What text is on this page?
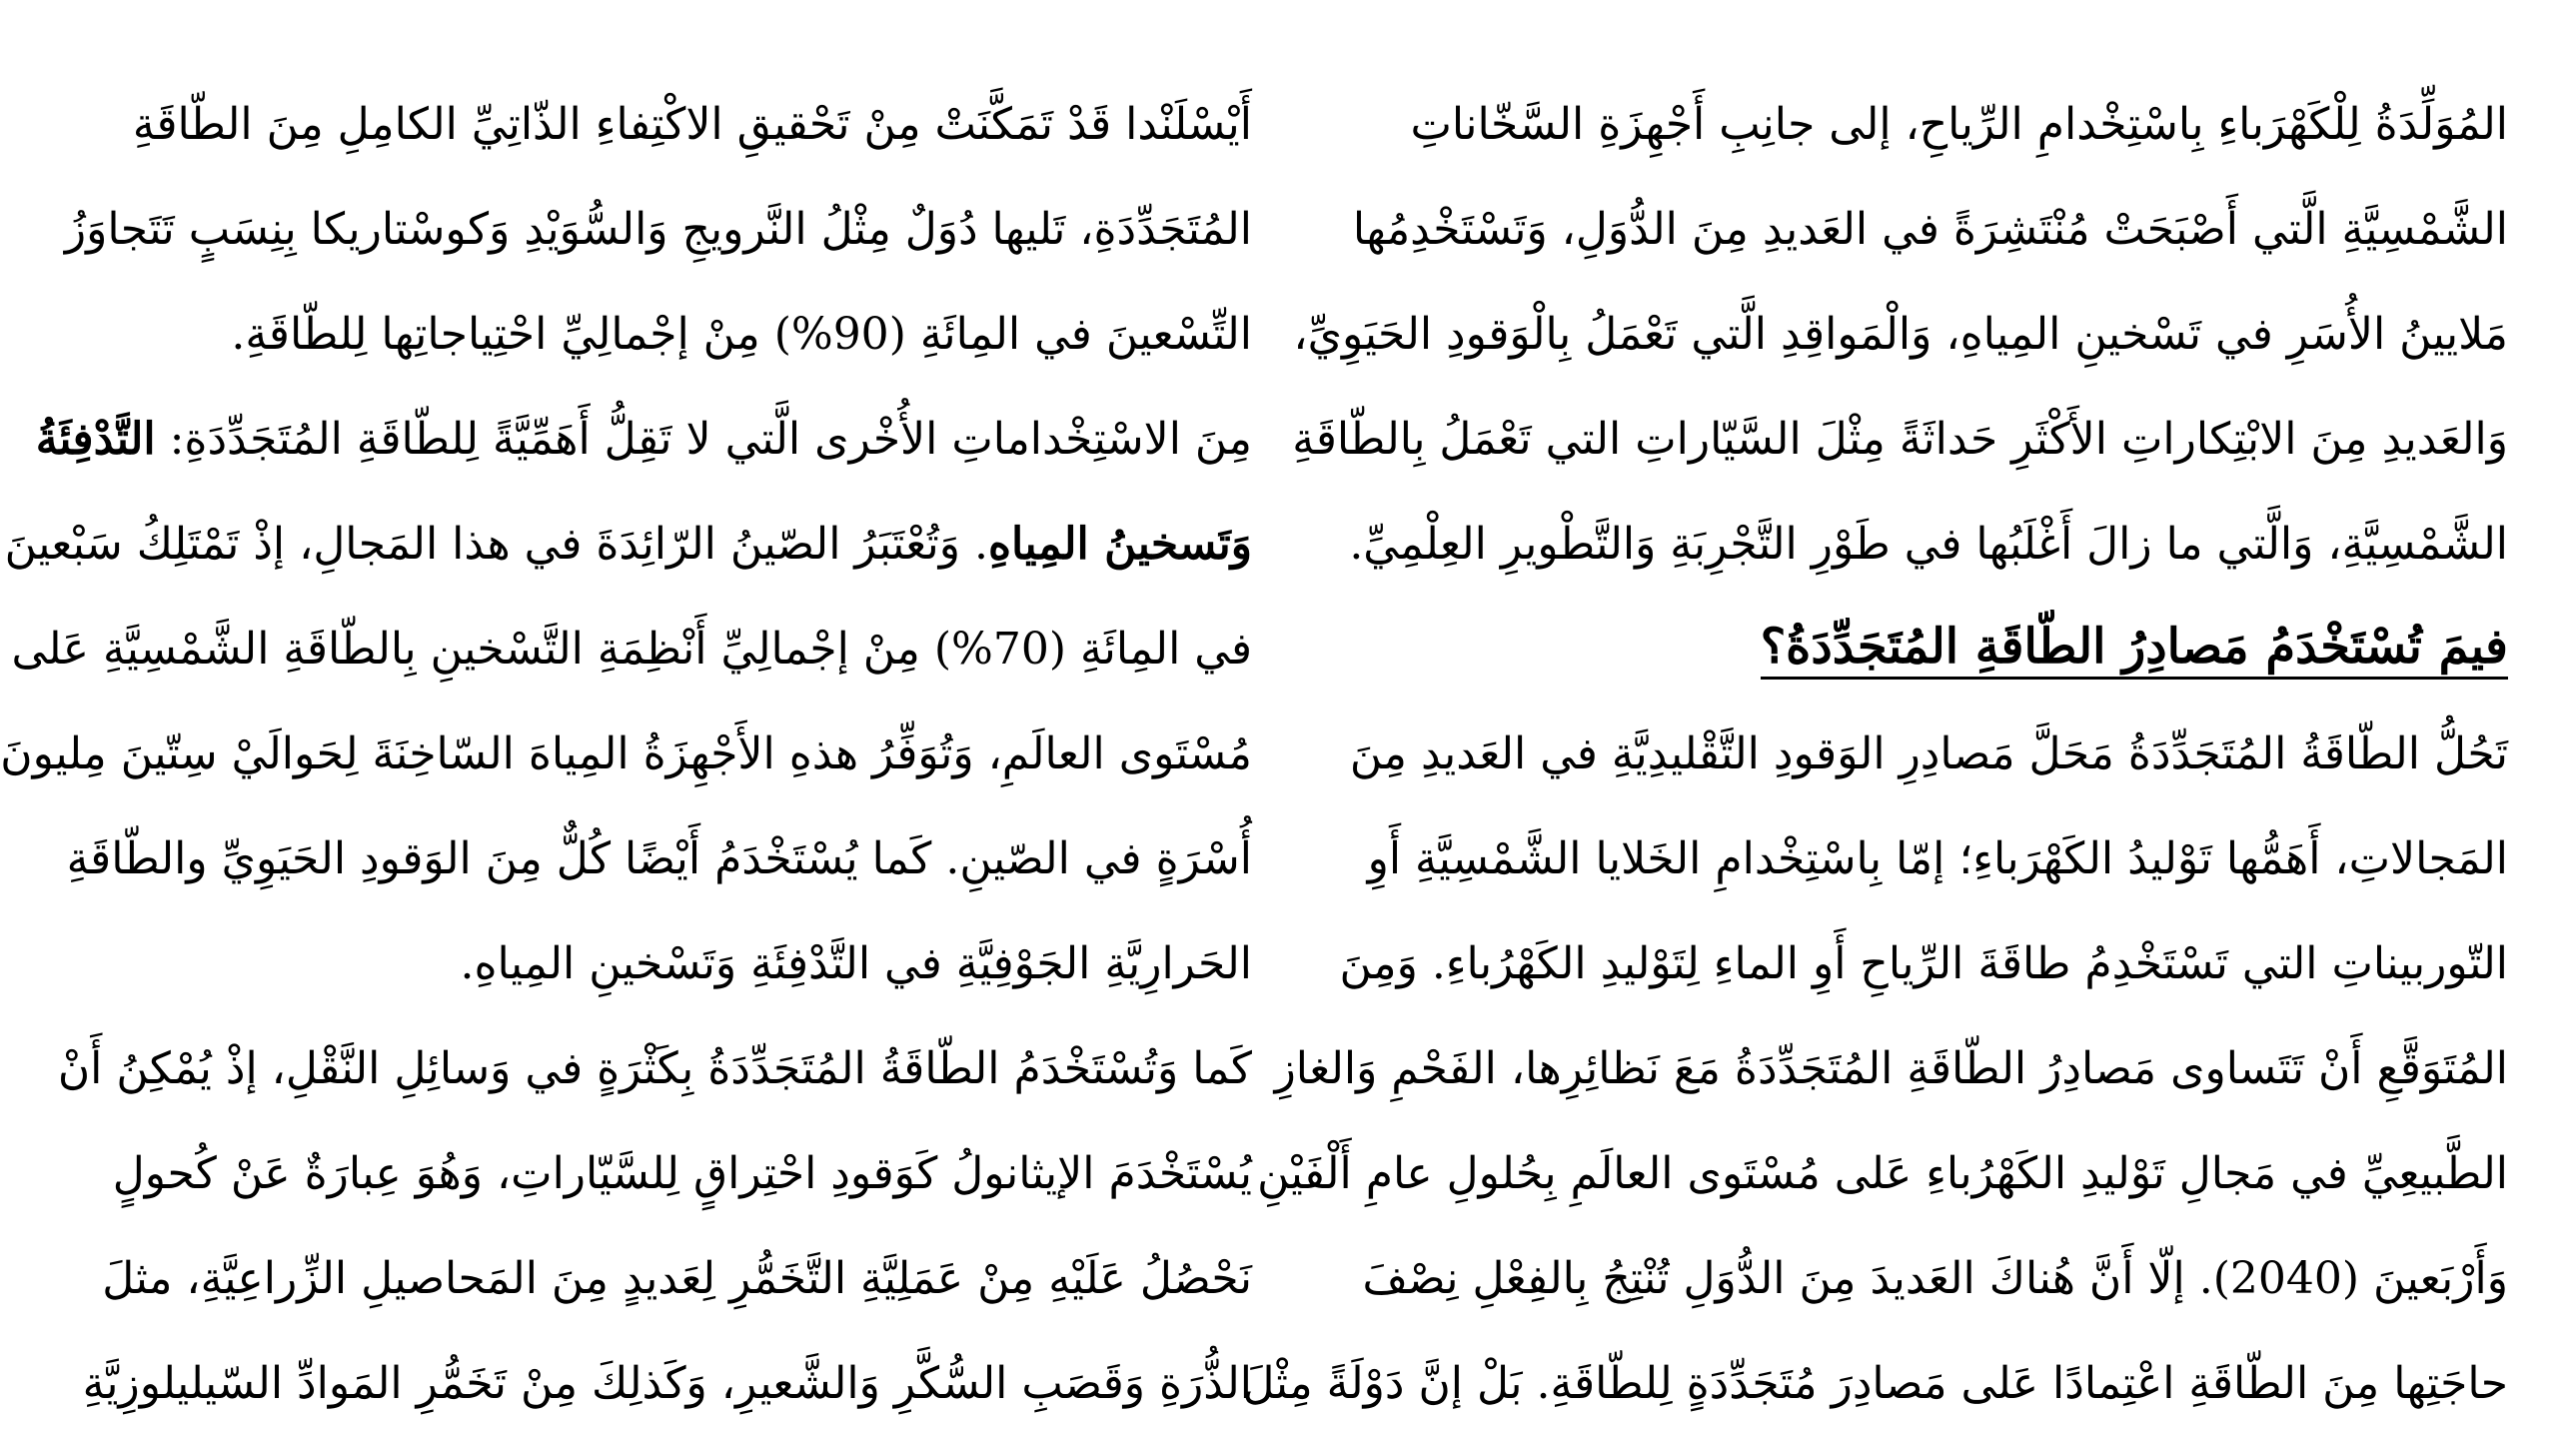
المُوَلِّدَةُ لِلْكَهْرَباءِ بِاسْتِخْدامِ الرِّياحِ، إلى جانِبِ أَجْهِزَةِ السَّخّاناتِ
الشَّمْسِيَّةِ الَّتي أَصْبَحَتْ مُنْتَشِرَةً في العَديدِ مِنَ الدُّوَلِ، وَتَسْتَخْدِمُها
مَلايينُ الأُسَرِ في تَسْخينِ المِياهِ، وَالْمَواقِدِ الَّتي تَعْمَلُ بِالْوَقودِ الحَيَوِيِّ،
وَالعَديدِ مِنَ الابْتِكاراتِ الأَكْثَرِ حَداثَةً مِثْلَ السَّيّاراتِ التي تَعْمَلُ بِالطّاقَةِ
الشَّمْسِيَّةِ، وَالَّتي ما زالَ أَغْلَبُها في طَوْرِ التَّجْرِبَةِ وَالتَّطْويرِ العِلْمِيِّ.
فيمَ تُسْتَخْدَمُ مَصادِرُ الطّاقَةِ المُتَجَدِّدَةُ؟
تَحُلُّ الطّاقَةُ المُتَجَدِّدَةُ مَحَلَّ مَصادِرِ الوَقودِ التَّقْليدِيَّةِ في العَديدِ مِنَ
المَجالاتِ، أَهَمُّها تَوْليدُ الكَهْرَباءِ؛ إمّا بِاسْتِخْدامِ الخَلايا الشَّمْسِيَّةِ أَوِ
التّوربيناتِ التي تَسْتَخْدِمُ طاقَةَ الرِّياحِ أَوِ الماءِ لِتَوْليدِ الكَهْرُباءِ. وَمِنَ
المُتَوَقَّعِ أَنْ تَتَساوى مَصادِرُ الطّاقَةِ المُتَجَدِّدَةُ مَعَ نَظائِرِها، الفَحْمِ وَالغازِ
الطَّبيعِيِّ في مَجالِ تَوْليدِ الكَهْرُباءِ عَلى مُسْتَوى العالَمِ بِحُلولِ عامِ أَلْفَيْنِ
وَأَرْبَعينَ (2040). إلّا أَنَّ هُناكَ العَديدَ مِنَ الدُّوَلِ تُنْتِجُ بِالفِعْلِ نِصْفَ
حاجَتِها مِنَ الطّاقَةِ اعْتِمادًا عَلى مَصادِرَ مُتَجَدِّدَةٍ لِلطّاقَةِ. بَلْ إنَّ دَوْلَةً مِثْلَ
أَيْسْلَنْدا قَدْ تَمَكَّنَتْ مِنْ تَحْقيقِ الاكْتِفاءِ الذّاتِيِّ الكامِلِ مِنَ الطّاقَةِ
المُتَجَدِّدَةِ، تَليها دُوَلٌ مِثْلُ النَّرويجِ وَالسُّوَيْدِ وَكوسْتاريكا بِنِسَبٍ تَتَجاوَزُ
التِّسْعينَ في المِائَةِ (90%) مِنْ إجْمالِيِّ احْتِياجاتِها لِلطّاقَةِ.
مِنَ الاسْتِخْداماتِ الأُخْرى الَّتي لا تَقِلُّ أَهَمِّيَّةً لِلطّاقَةِ المُتَجَدِّدَةِ: التَّدْفِئَةُ
وَتَسخينُ المِياهِ. وَتُعْتَبَرُ الصّينُ الرّائِدَةَ في هذا المَجالِ، إذْ تَمْتَلِكُ سَبْعينَ
في المِائَةِ (70%) مِنْ إجْمالِيِّ أَنْظِمَةِ التَّسْخينِ بِالطّاقَةِ الشَّمْسِيَّةِ عَلى
مُسْتَوى العالَمِ، وَتُوَفِّرُ هذهِ الأَجْهِزَةُ المِياهَ السّاخِنَةَ لِحَوالَيْ سِتّينَ مِليونَ
أُسْرَةٍ في الصّينِ. كَما يُسْتَخْدَمُ أَيْضًا كُلٌّ مِنَ الوَقودِ الحَيَوِيِّ والطّاقَةِ
الحَرارِيَّةِ الجَوْفِيَّةِ في التَّدْفِئَةِ وَتَسْخينِ المِياهِ.
كَما وَتُسْتَخْدَمُ الطّاقَةُ المُتَجَدِّدَةُ بِكَثْرَةٍ في وَسائِلِ النَّقْلِ، إذْ يُمْكِنُ أَنْ
يُسْتَخْدَمَ الإيثانولُ كَوَقودِ احْتِراقٍ لِلسَّيّاراتِ، وَهُوَ عِبارَةٌ عَنْ كُحولٍ
نَحْصُلُ عَلَيْهِ مِنْ عَمَلِيَّةِ التَّخَمُّرِ لِعَديدٍ مِنَ المَحاصيلِ الزِّراعِيَّةِ، مثلَ
الذُّرَةِ وَقَصَبِ السُّكَّرِ وَالشَّعيرِ، وَكَذلِكَ مِنْ تَخَمُّرِ المَوادِّ السّيليلوزِيَّةِ
